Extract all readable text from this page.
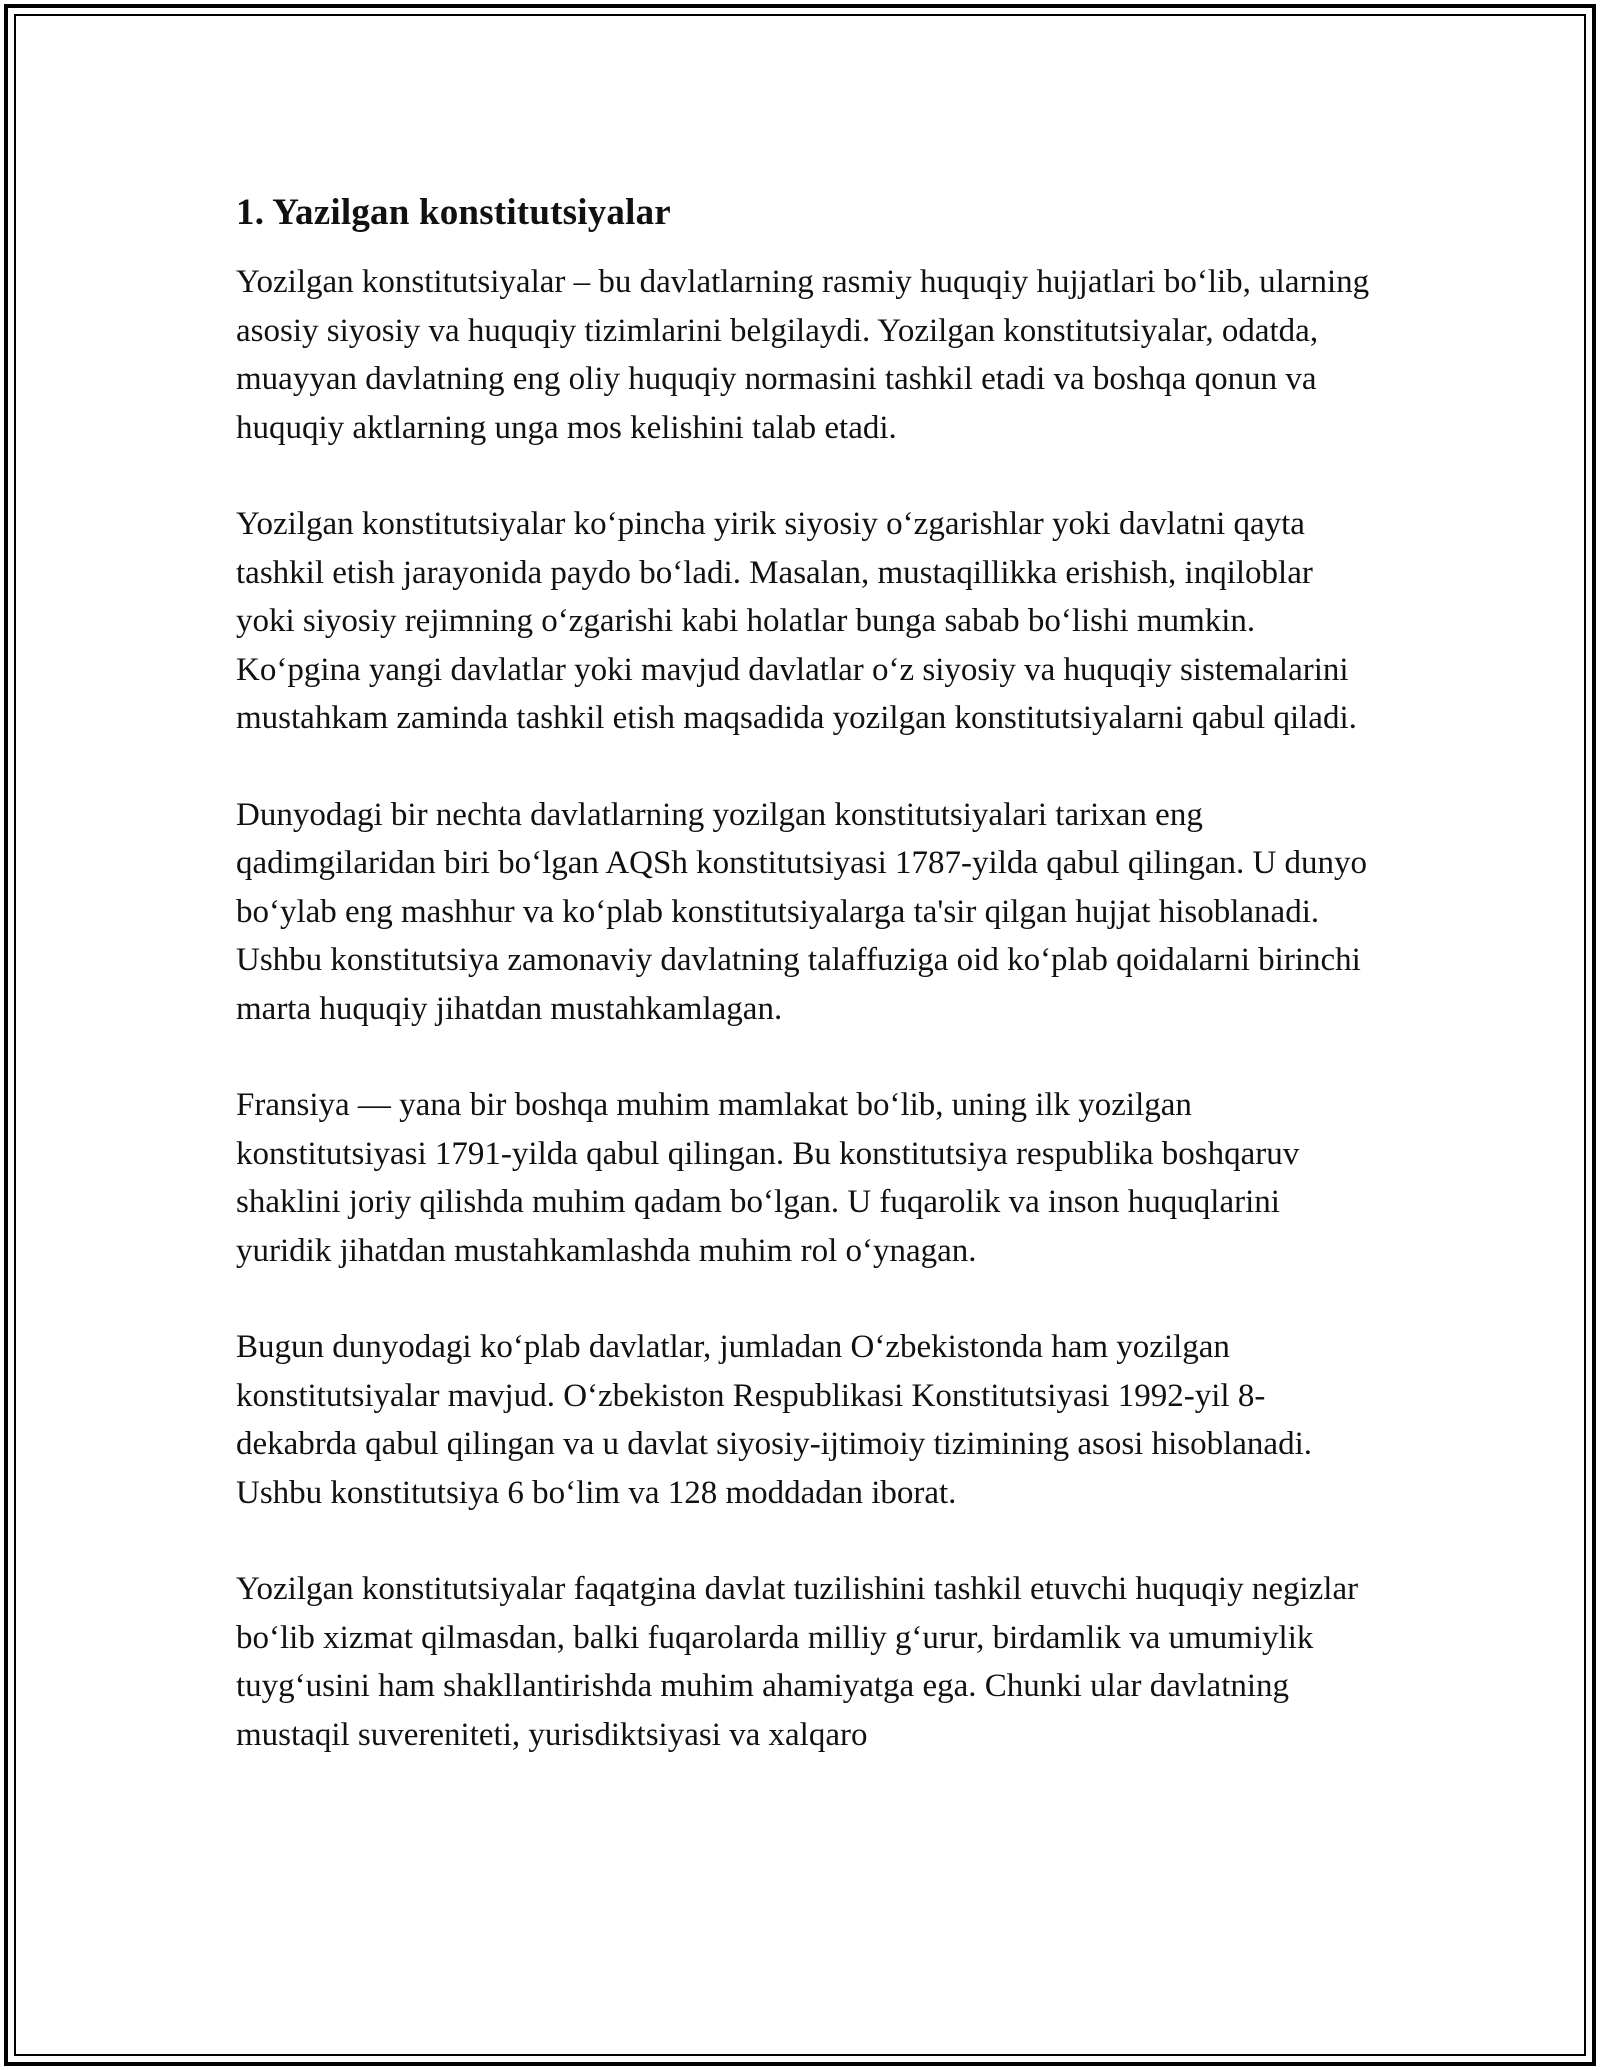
1. Yazilgan konstitutsiyalar

Yozilgan konstitutsiyalar – bu davlatlarning rasmiy huquqiy hujjatlari bo‘lib, ularning asosiy siyosiy va huquqiy tizimlarini belgilaydi. Yozilgan konstitutsiyalar, odatda, muayyan davlatning eng oliy huquqiy normasini tashkil etadi va boshqa qonun va huquqiy aktlarning unga mos kelishini talab etadi.

Yozilgan konstitutsiyalar ko‘pincha yirik siyosiy o‘zgarishlar yoki davlatni qayta tashkil etish jarayonida paydo bo‘ladi. Masalan, mustaqillikka erishish, inqiloblar yoki siyosiy rejimning o‘zgarishi kabi holatlar bunga sabab bo‘lishi mumkin. Ko‘pgina yangi davlatlar yoki mavjud davlatlar o‘z siyosiy va huquqiy sistemalarini mustahkam zaminda tashkil etish maqsadida yozilgan konstitutsiyalarni qabul qiladi.

Dunyodagi bir nechta davlatlarning yozilgan konstitutsiyalari tarixan eng qadimgilaridan biri bo‘lgan AQSh konstitutsiyasi 1787-yilda qabul qilingan. U dunyo bo‘ylab eng mashhur va ko‘plab konstitutsiyalarga ta'sir qilgan hujjat hisoblanadi. Ushbu konstitutsiya zamonaviy davlatning talaffuziga oid ko‘plab qoidalarni birinchi marta huquqiy jihatdan mustahkamlagan.

Fransiya — yana bir boshqa muhim mamlakat bo‘lib, uning ilk yozilgan konstitutsiyasi 1791-yilda qabul qilingan. Bu konstitutsiya respublika boshqaruv shaklini joriy qilishda muhim qadam bo‘lgan. U fuqarolik va inson huquqlarini yuridik jihatdan mustahkamlashda muhim rol o‘ynagan.

Bugun dunyodagi ko‘plab davlatlar, jumladan O‘zbekistonda ham yozilgan konstitutsiyalar mavjud. O‘zbekiston Respublikasi Konstitutsiyasi 1992-yil 8-dekabrda qabul qilingan va u davlat siyosiy-ijtimoiy tizimining asosi hisoblanadi. Ushbu konstitutsiya 6 bo‘lim va 128 moddadan iborat.

Yozilgan konstitutsiyalar faqatgina davlat tuzilishini tashkil etuvchi huquqiy negizlar bo‘lib xizmat qilmasdan, balki fuqarolarda milliy g‘urur, birdamlik va umumiylik tuyg‘usini ham shakllantirishda muhim ahamiyatga ega. Chunki ular davlatning mustaqil suvereniteti, yurisdiktsiyasi va xalqaro
